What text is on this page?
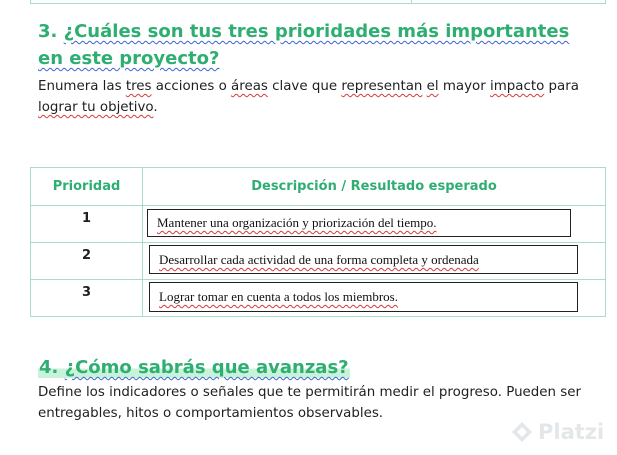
3. ¿Cuáles son tus tres prioridades más importantes en este proyecto?

Enumera las tres acciones o áreas clave que representan el mayor impacto para lograr tu objetivo.

Prioridad	Descripción / Resultado esperado
1	Mantener una organización y priorización del tiempo.

2	Desarrollar cada actividad de una forma completa y ordenada

3	Lograr tomar en cuenta a todos los miembros.
4. ¿Cómo sabrás que avanzas?

Define los indicadores o señales que te permitirán medir el progreso. Pueden ser entregables, hitos o comportamientos observables.

Platzi
